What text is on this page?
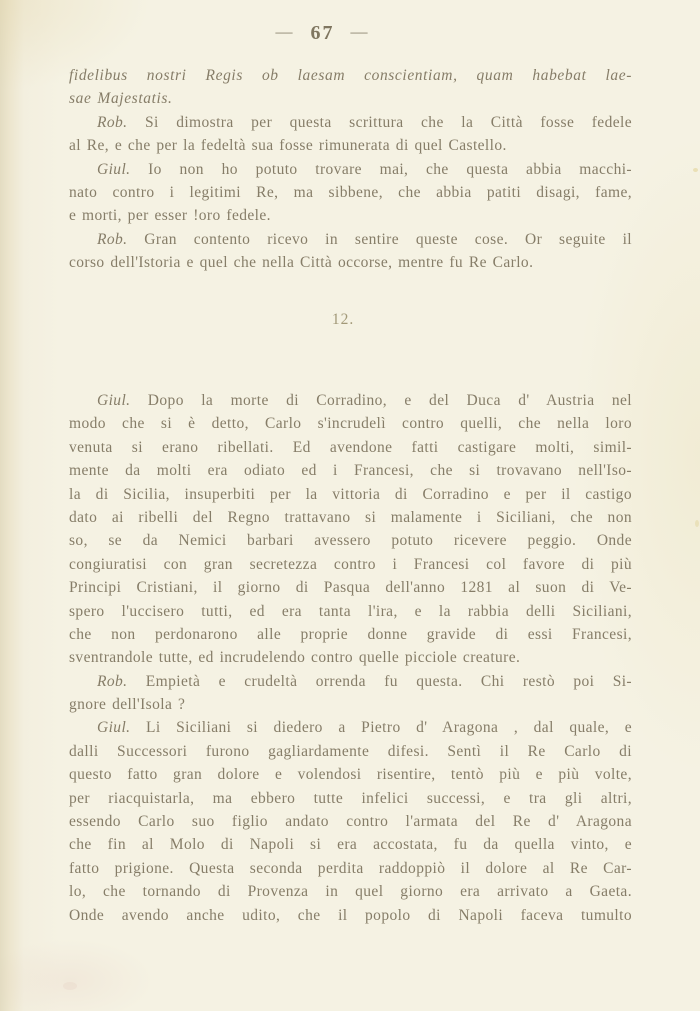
— 67 —
fidelibus nostri Regis ob laesam conscientiam, quam habebat lae-
sae Majestatis.
Rob. Si dimostra per questa scrittura che la Città fosse fedele
al Re, e che per la fedeltà sua fosse rimunerata di quel Castello.
Giul. Io non ho potuto trovare mai, che questa abbia macchi-
nato contro i legitimi Re, ma sibbene, che abbia patiti disagi, fame,
e morti, per esser !oro fedele.
Rob. Gran contento ricevo in sentire queste cose. Or seguite il
corso dell'Istoria e quel che nella Città occorse, mentre fu Re Carlo.
12.
Giul. Dopo la morte di Corradino, e del Duca d' Austria nel
modo che si è detto, Carlo s'incrudelì contro quelli, che nella loro
venuta si erano ribellati. Ed avendone fatti castigare molti, simil-
mente da molti era odiato ed i Francesi, che si trovavano nell'Iso-
la di Sicilia, insuperbiti per la vittoria di Corradino e per il castigo
dato ai ribelli del Regno trattavano si malamente i Siciliani, che non
so, se da Nemici barbari avessero potuto ricevere peggio. Onde
congiuratisi con gran secretezza contro i Francesi col favore di più
Principi Cristiani, il giorno di Pasqua dell'anno 1281 al suon di Ve-
spero l'uccisero tutti, ed era tanta l'ira, e la rabbia delli Siciliani,
che non perdonarono alle proprie donne gravide di essi Francesi,
sventrandole tutte, ed incrudelendo contro quelle picciole creature.
Rob. Empietà e crudeltà orrenda fu questa. Chi restò poi Si-
gnore dell'Isola ?
Giul. Li Siciliani si diedero a Pietro d' Aragona , dal quale, e
dalli Successori furono gagliardamente difesi. Sentì il Re Carlo di
questo fatto gran dolore e volendosi risentire, tentò più e più volte,
per riacquistarla, ma ebbero tutte infelici successi, e tra gli altri,
essendo Carlo suo figlio andato contro l'armata del Re d' Aragona
che fin al Molo di Napoli si era accostata, fu da quella vinto, e
fatto prigione. Questa seconda perdita raddoppiò il dolore al Re Car-
lo, che tornando di Provenza in quel giorno era arrivato a Gaeta.
Onde avendo anche udito, che il popolo di Napoli faceva tumulto
